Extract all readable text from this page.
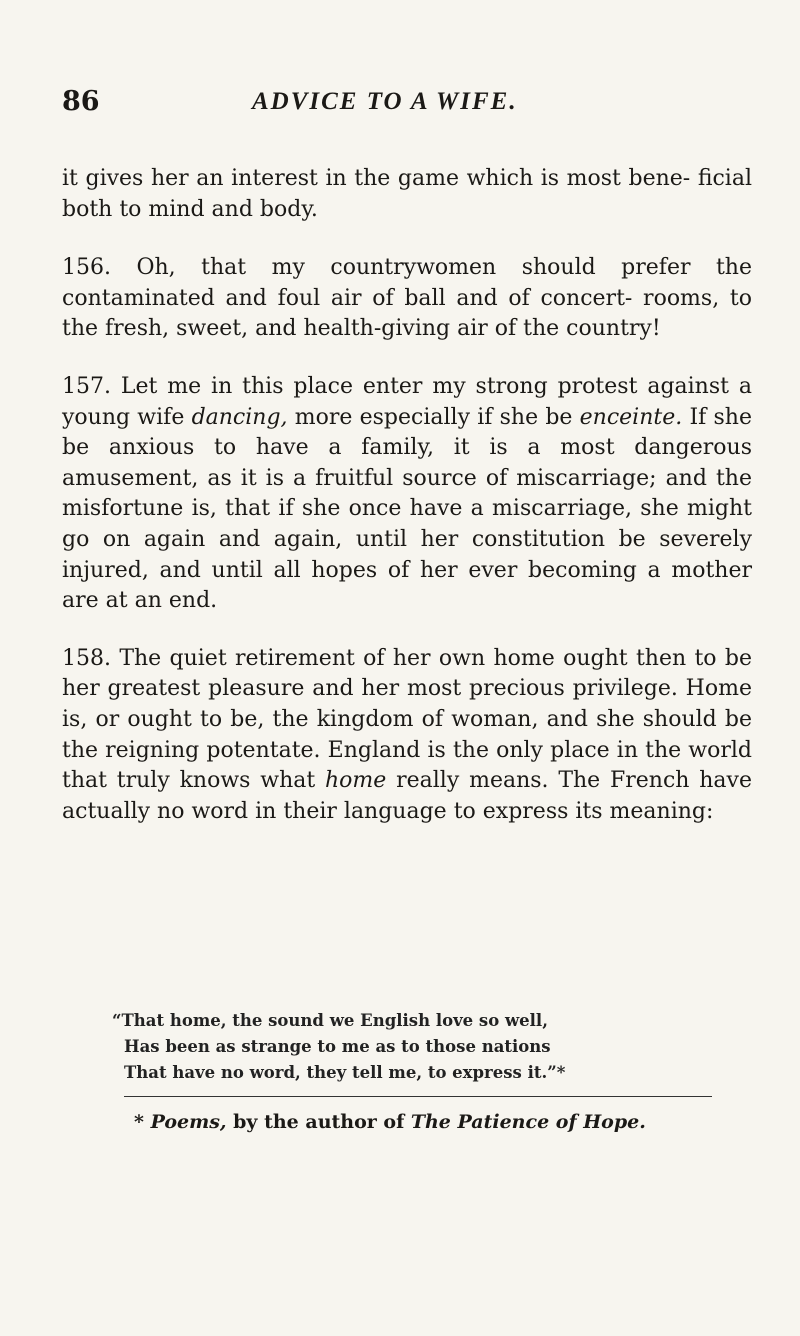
86	ADVICE TO A WIFE.

it gives her an interest in the game which is most bene- ficial both to mind and body.

156. Oh, that my countrywomen should prefer the contaminated and foul air of ball and of concert- rooms, to the fresh, sweet, and health-giving air of the country!

157. Let me in this place enter my strong protest against a young wife dancing, more especially if she be enceinte. If she be anxious to have a family, it is a most dangerous amusement, as it is a fruitful source of miscarriage; and the misfortune is, that if she once have a miscarriage, she might go on again and again, until her constitution be severely injured, and until all hopes of her ever becoming a mother are at an end.

158. The quiet retirement of her own home ought then to be her greatest pleasure and her most precious privilege. Home is, or ought to be, the kingdom of woman, and she should be the reigning potentate. England is the only place in the world that truly knows what home really means. The French have actually no word in their language to express its meaning:

“That home, the sound we English love so well,
Has been as strange to me as to those nations
That have no word, they tell me, to express it.”*
* Poems, by the author of The Patience of Hope.
